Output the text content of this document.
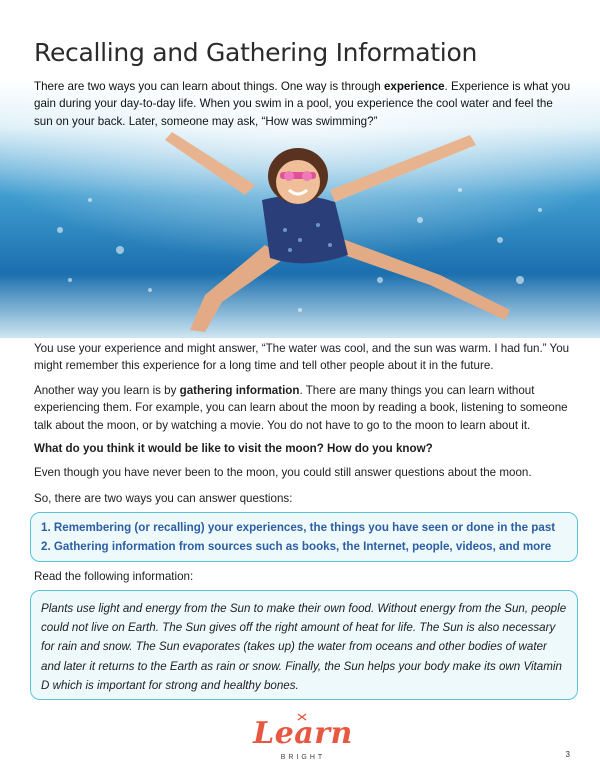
Recalling and Gathering Information

There are two ways you can learn about things. One way is through experience. Experience is what you gain during your day-to-day life. When you swim in a pool, you experience the cool water and feel the sun on your back. Later, someone may ask, “How was swimming?”

You use your experience and might answer, “The water was cool, and the sun was warm. I had fun.” You might remember this experience for a long time and tell other people about it in the future.

Another way you learn is by gathering information. There are many things you can learn without experiencing them. For example, you can learn about the moon by reading a book, listening to someone talk about the moon, or by watching a movie. You do not have to go to the moon to learn about it.

What do you think it would be like to visit the moon? How do you know?

Even though you have never been to the moon, you could still answer questions about the moon.

So, there are two ways you can answer questions:

1. Remembering (or recalling) your experiences, the things you have seen or done in the past

2. Gathering information from sources such as books, the Internet, people, videos, and more

Read the following information:

Plants use light and energy from the Sun to make their own food. Without energy from the Sun, people could not live on Earth. The Sun gives off the right amount of heat for life. The Sun is also necessary for rain and snow. The Sun evaporates (takes up) the water from oceans and other bodies of water and later it returns to the Earth as rain or snow. Finally, the Sun helps your body make its own Vitamin D which is important for strong and healthy bones.

Learn
BRIGHT	3
